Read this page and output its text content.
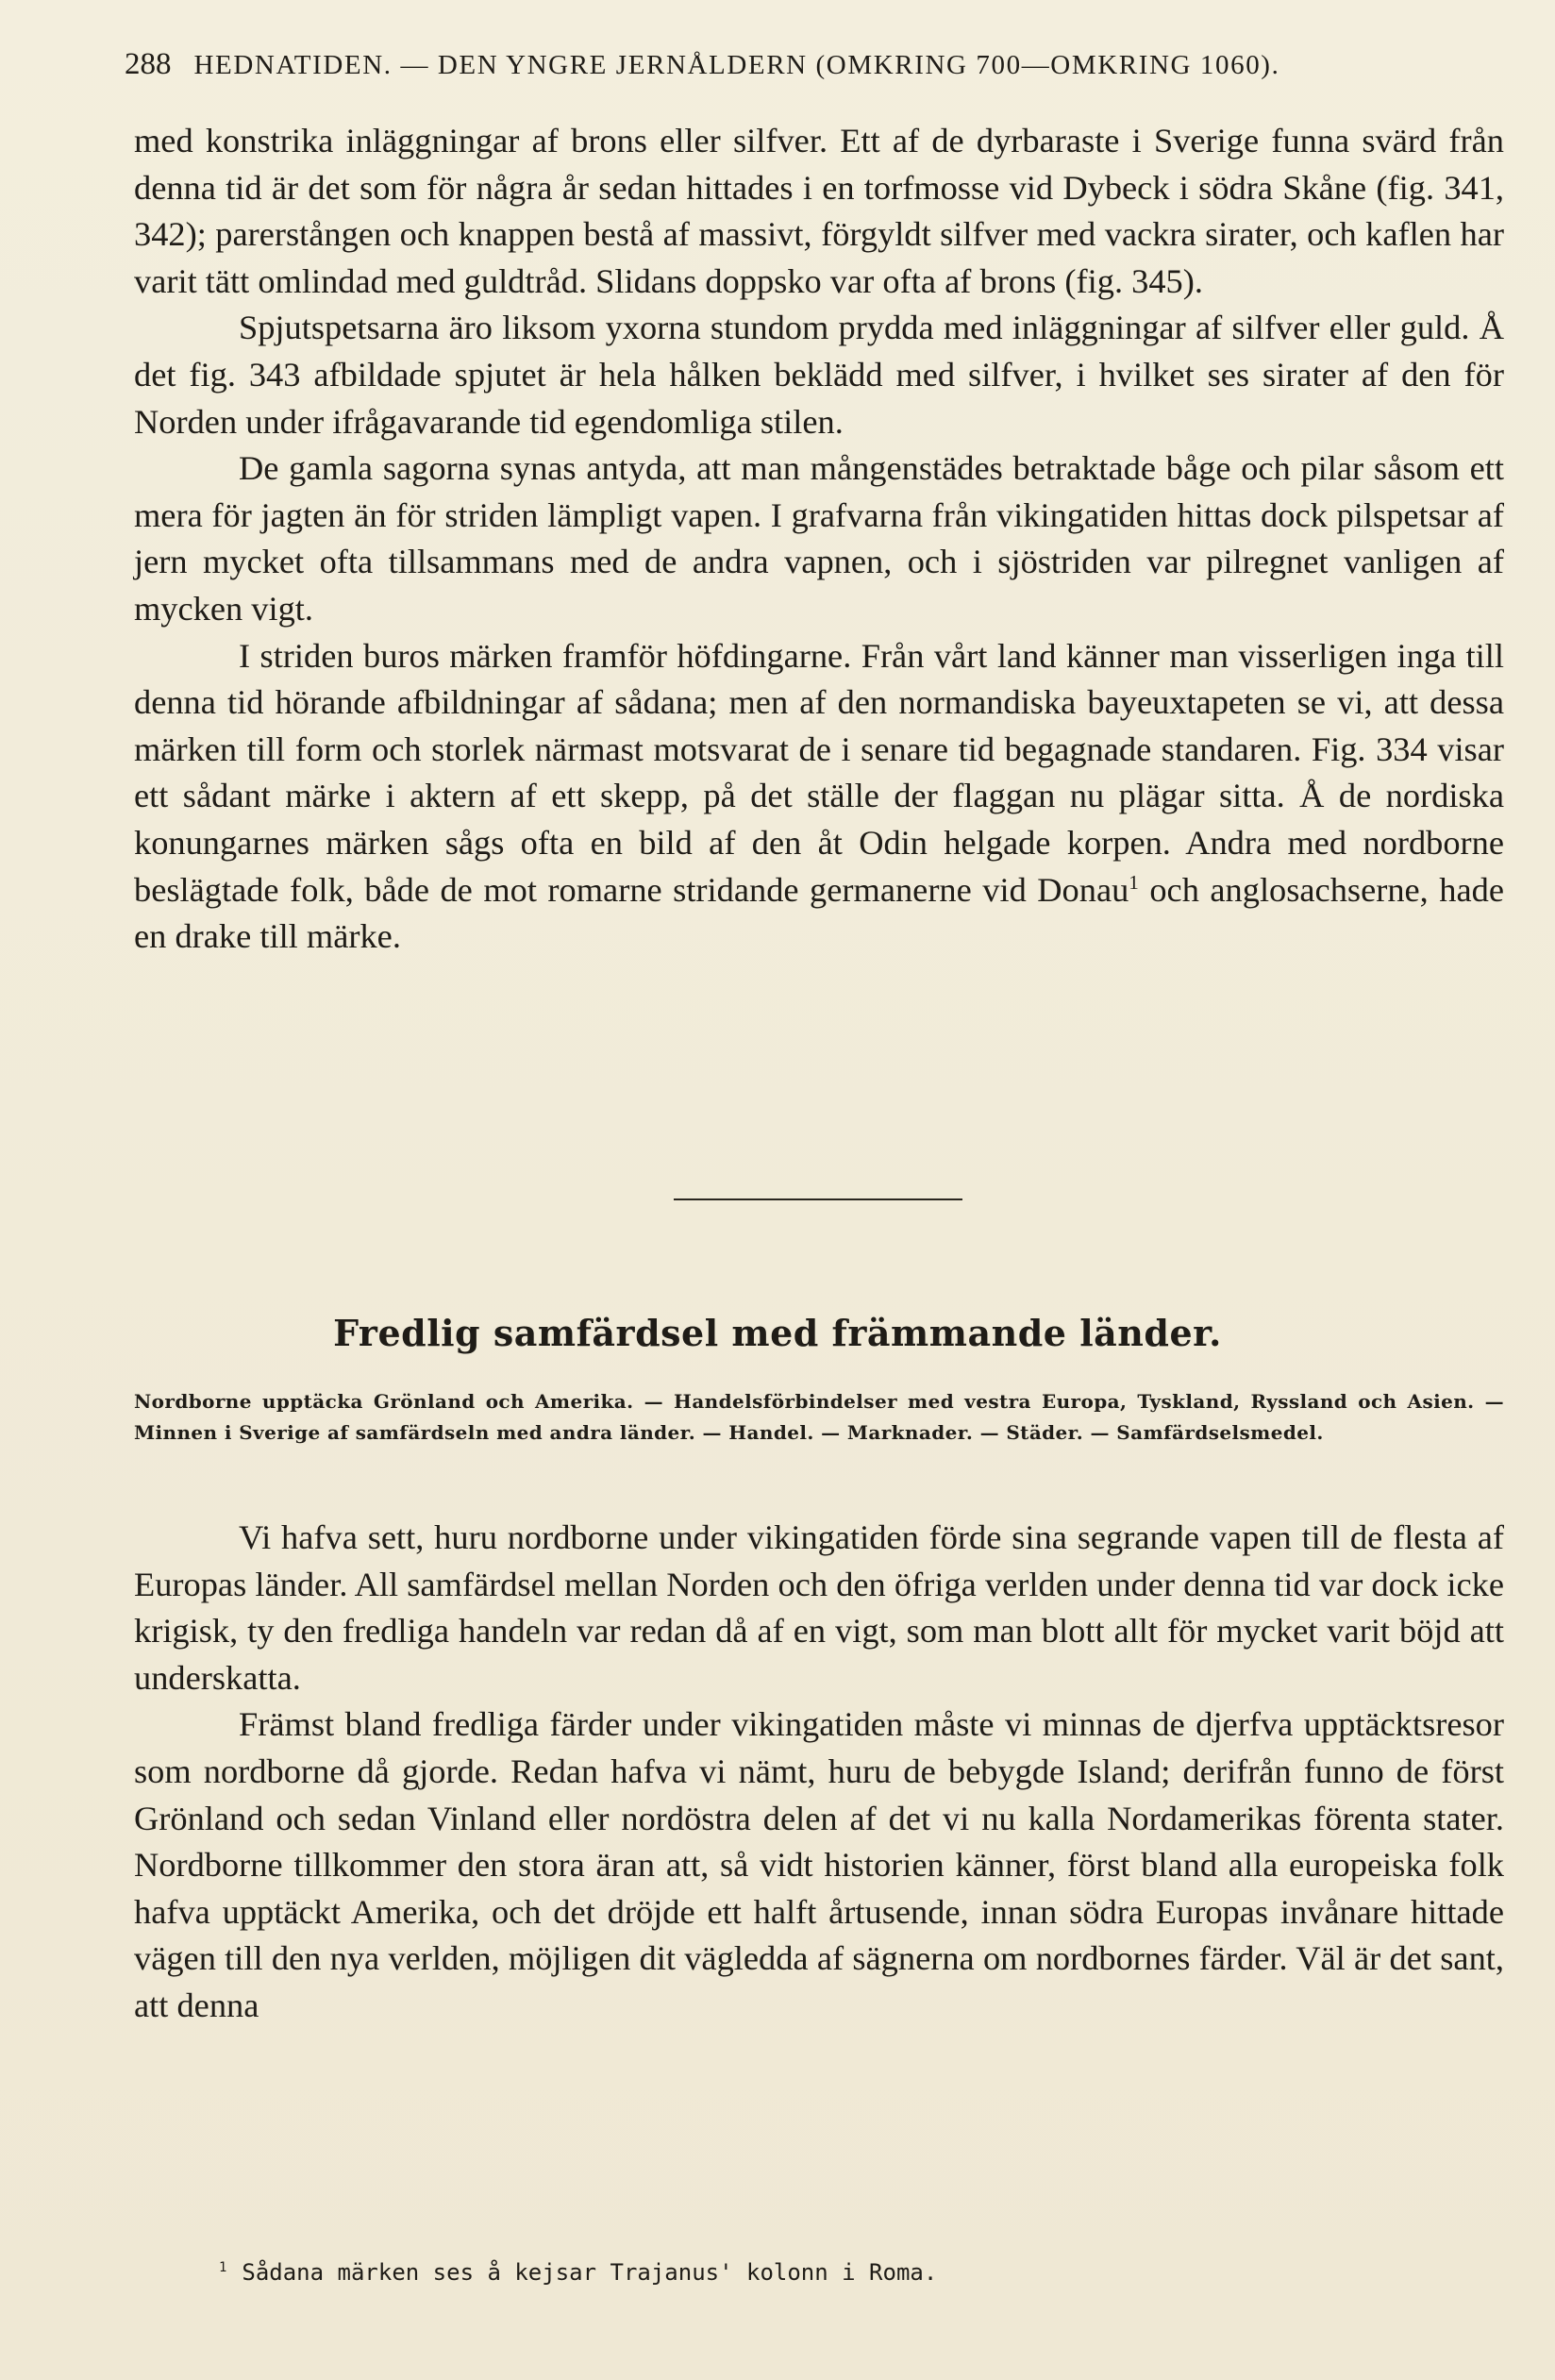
288 HEDNATIDEN. — DEN YNGRE JERNÅLDERN (OMKRING 700—OMKRING 1060).

med konstrika inläggningar af brons eller silfver. Ett af de dyrbaraste i Sverige funna svärd från denna tid är det som för några år sedan hittades i en torfmosse vid Dybeck i södra Skåne (fig. 341, 342); parerstången och knappen bestå af massivt, förgyldt silfver med vackra sirater, och kaflen har varit tätt omlindad med guldtråd. Slidans doppsko var ofta af brons (fig. 345).

Spjutspetsarna äro liksom yxorna stundom prydda med inläggningar af silfver eller guld. Å det fig. 343 afbildade spjutet är hela hålken beklädd med silfver, i hvilket ses sirater af den för Norden under ifrågavarande tid egendomliga stilen.

De gamla sagorna synas antyda, att man mångenstädes betraktade båge och pilar såsom ett mera för jagten än för striden lämpligt vapen. I grafvarna från vikingatiden hittas dock pilspetsar af jern mycket ofta tillsammans med de andra vapnen, och i sjöstriden var pilregnet vanligen af mycken vigt.

I striden buros märken framför höfdingarne. Från vårt land känner man visserligen inga till denna tid hörande afbildningar af sådana; men af den normandiska bayeuxtapeten se vi, att dessa märken till form och storlek närmast motsvarat de i senare tid begagnade standaren. Fig. 334 visar ett sådant märke i aktern af ett skepp, på det ställe der flaggan nu plägar sitta. Å de nordiska konungarnes märken sågs ofta en bild af den åt Odin helgade korpen. Andra med nordborne beslägtade folk, både de mot romarne stridande germanerne vid Donau$^1$ och anglosachserne, hade en drake till märke.

Fredlig samfärdsel med främmande länder.
Nordborne upptäcka Grönland och Amerika. — Handelsförbindelser med vestra Europa, Tyskland, Ryssland och Asien. — Minnen i Sverige af samfärdseln med andra länder. — Handel. — Marknader. — Städer. — Samfärdselsmedel.

Vi hafva sett, huru nordborne under vikingatiden förde sina segrande vapen till de flesta af Europas länder. All samfärdsel mellan Norden och den öfriga verlden under denna tid var dock icke krigisk, ty den fredliga handeln var redan då af en vigt, som man blott allt för mycket varit böjd att underskatta.

Främst bland fredliga färder under vikingatiden måste vi minnas de djerfva upptäcktsresor som nordborne då gjorde. Redan hafva vi nämt, huru de bebygde Island; derifrån funno de först Grönland och sedan Vinland eller nordöstra delen af det vi nu kalla Nordamerikas förenta stater. Nordborne tillkommer den stora äran att, så vidt historien känner, först bland alla europeiska folk hafva upptäckt Amerika, och det dröjde ett halft årtusende, innan södra Europas invånare hittade vägen till den nya verlden, möjligen dit vägledda af sägnerna om nordbornes färder. Väl är det sant, att denna

$^1$ Sådana märken ses å kejsar Trajanus' kolonn i Roma.
